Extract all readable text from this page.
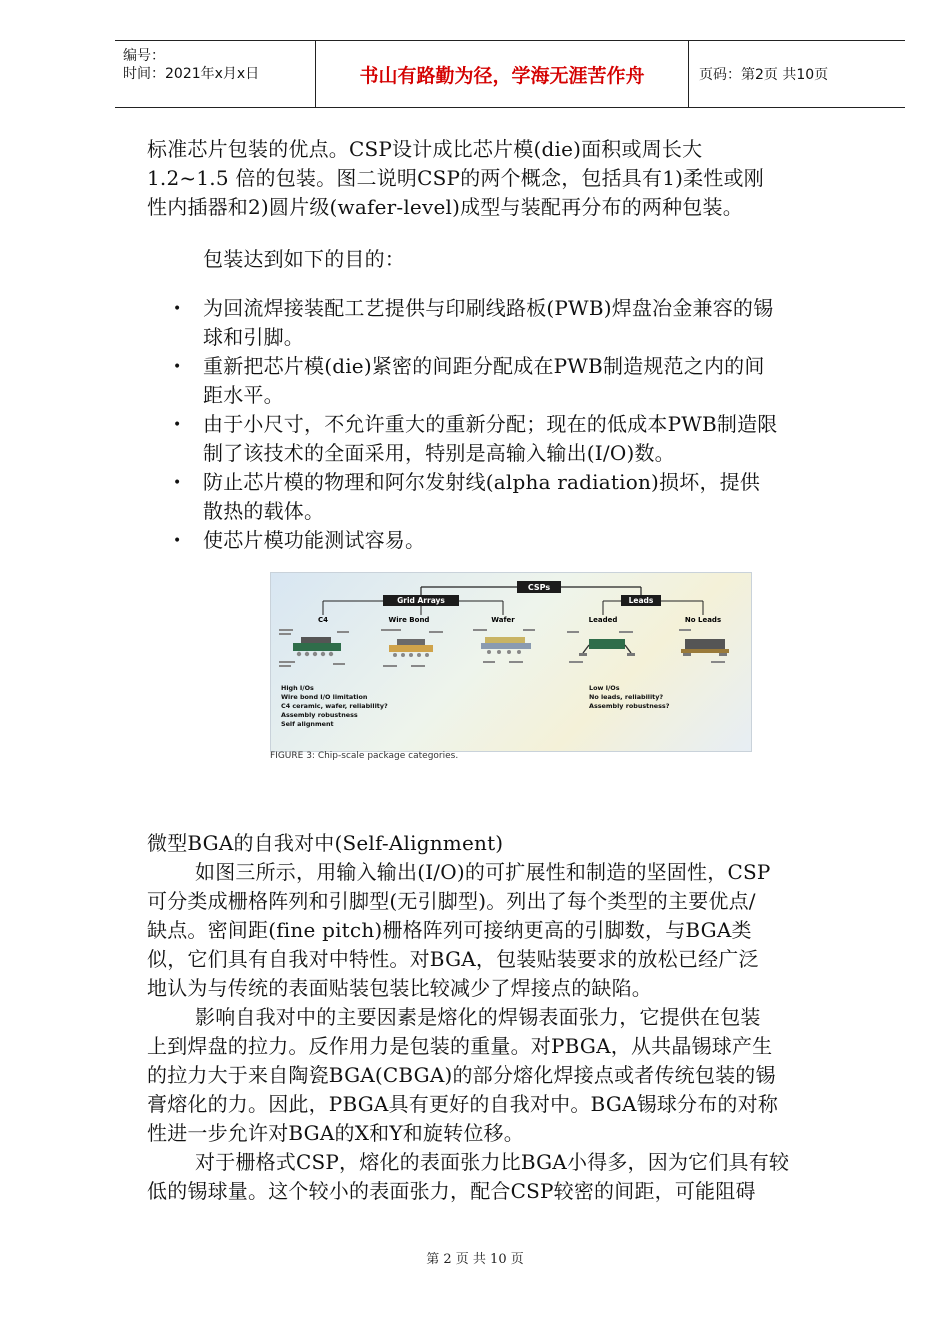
编号：
时间：2021年x月x日	书山有路勤为径，学海无涯苦作舟	页码：第2页 共10页
标准芯片包装的优点。CSP设计成比芯片模(die)面积或周长大
1.2~1.5 倍的包装。图二说明CSP的两个概念，包括具有1)柔性或刚
性内插器和2)圆片级(wafer-level)成型与装配再分布的两种包装。
包装达到如下的目的：
• 为回流焊接装配工艺提供与印刷线路板(PWB)焊盘冶金兼容的锡
球和引脚。
• 重新把芯片模(die)紧密的间距分配成在PWB制造规范之内的间
距水平。
• 由于小尺寸，不允许重大的重新分配；现在的低成本PWB制造限
制了该技术的全面采用，特别是高输入输出(I/O)数。
• 防止芯片模的物理和阿尔发射线(alpha radiation)损坏，提供
散热的载体。
• 使芯片模功能测试容易。
CSPs
Grid Arrays	Leads
C4	Wire Bond	Wafer	Leaded	No Leads
High I/Os
Wire bond I/O limitation
C4 ceramic, wafer, reliability?
Assembly robustness
Self alignment
Low I/Os
No leads, reliability?
Assembly robustness?
FIGURE 3: Chip-scale package categories.
微型BGA的自我对中(Self-Alignment)
如图三所示，用输入输出(I/O)的可扩展性和制造的坚固性，CSP
可分类成栅格阵列和引脚型(无引脚型)。列出了每个类型的主要优点/
缺点。密间距(fine pitch)栅格阵列可接纳更高的引脚数，与BGA类
似，它们具有自我对中特性。对BGA，包装贴装要求的放松已经广泛
地认为与传统的表面贴装包装比较减少了焊接点的缺陷。
影响自我对中的主要因素是熔化的焊锡表面张力，它提供在包装
上到焊盘的拉力。反作用力是包装的重量。对PBGA，从共晶锡球产生
的拉力大于来自陶瓷BGA(CBGA)的部分熔化焊接点或者传统包装的锡
膏熔化的力。因此，PBGA具有更好的自我对中。BGA锡球分布的对称
性进一步允许对BGA的X和Y和旋转位移。
对于栅格式CSP，熔化的表面张力比BGA小得多，因为它们具有较
低的锡球量。这个较小的表面张力，配合CSP较密的间距，可能阻碍
第 2 页 共 10 页
